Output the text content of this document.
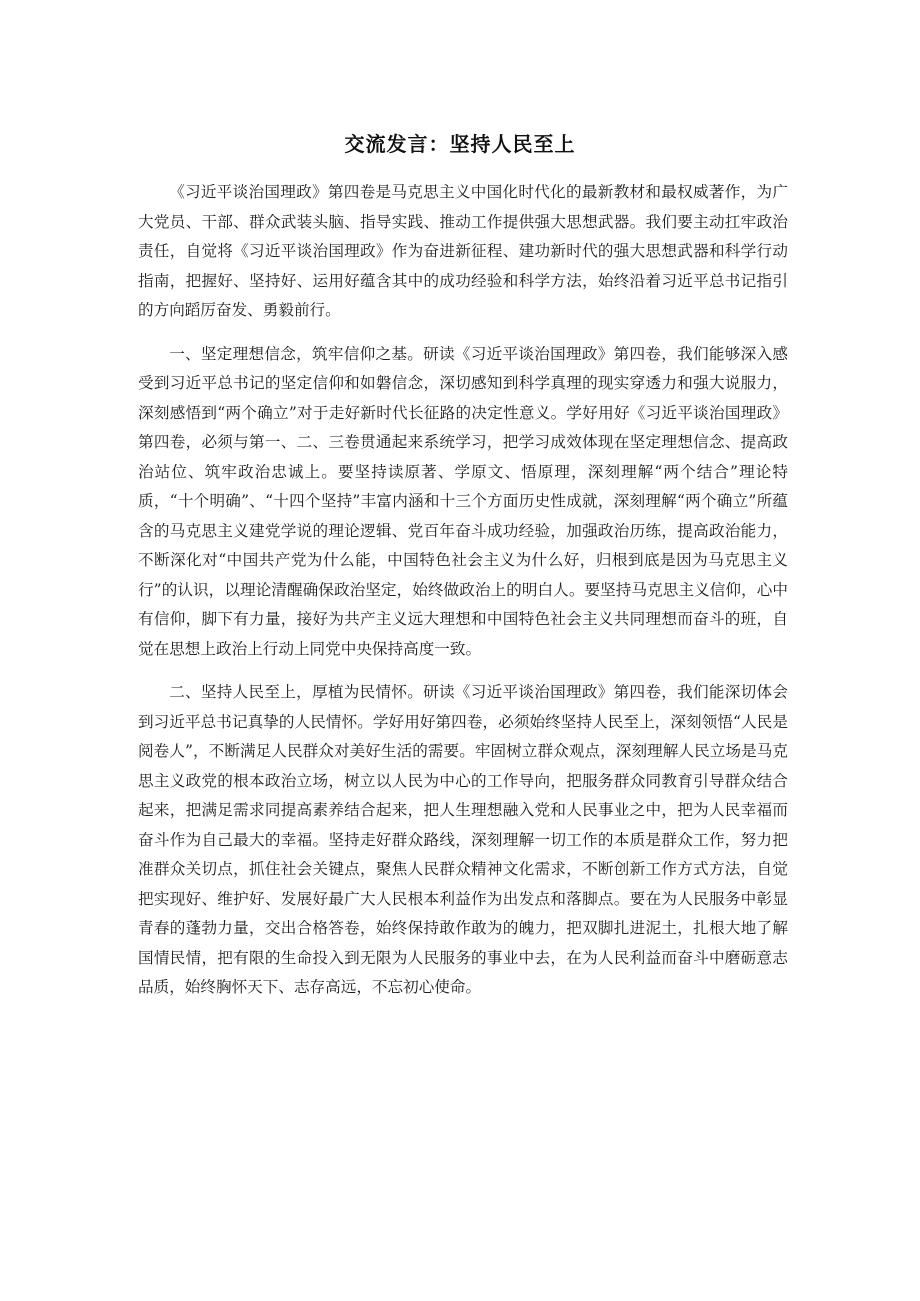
交流发言：坚持人民至上

《习近平谈治国理政》第四卷是马克思主义中国化时代化的最新教材和最权威著作，为广大党员、干部、群众武装头脑、指导实践、推动工作提供强大思想武器。我们要主动扛牢政治责任，自觉将《习近平谈治国理政》作为奋进新征程、建功新时代的强大思想武器和科学行动指南，把握好、坚持好、运用好蕴含其中的成功经验和科学方法，始终沿着习近平总书记指引的方向蹈厉奋发、勇毅前行。

一、坚定理想信念，筑牢信仰之基。研读《习近平谈治国理政》第四卷，我们能够深入感受到习近平总书记的坚定信仰和如磐信念，深切感知到科学真理的现实穿透力和强大说服力，深刻感悟到“两个确立”对于走好新时代长征路的决定性意义。学好用好《习近平谈治国理政》第四卷，必须与第一、二、三卷贯通起来系统学习，把学习成效体现在坚定理想信念、提高政治站位、筑牢政治忠诚上。要坚持读原著、学原文、悟原理，深刻理解“两个结合”理论特质，“十个明确”、“十四个坚持”丰富内涵和十三个方面历史性成就，深刻理解“两个确立”所蕴含的马克思主义建党学说的理论逻辑、党百年奋斗成功经验，加强政治历练，提高政治能力，不断深化对“中国共产党为什么能，中国特色社会主义为什么好，归根到底是因为马克思主义行”的认识，以理论清醒确保政治坚定，始终做政治上的明白人。要坚持马克思主义信仰，心中有信仰，脚下有力量，接好为共产主义远大理想和中国特色社会主义共同理想而奋斗的班，自觉在思想上政治上行动上同党中央保持高度一致。

二、坚持人民至上，厚植为民情怀。研读《习近平谈治国理政》第四卷，我们能深切体会到习近平总书记真挚的人民情怀。学好用好第四卷，必须始终坚持人民至上，深刻领悟“人民是阅卷人”，不断满足人民群众对美好生活的需要。牢固树立群众观点，深刻理解人民立场是马克思主义政党的根本政治立场，树立以人民为中心的工作导向，把服务群众同教育引导群众结合起来，把满足需求同提高素养结合起来，把人生理想融入党和人民事业之中，把为人民幸福而奋斗作为自己最大的幸福。坚持走好群众路线，深刻理解一切工作的本质是群众工作，努力把准群众关切点，抓住社会关键点，聚焦人民群众精神文化需求，不断创新工作方式方法，自觉把实现好、维护好、发展好最广大人民根本利益作为出发点和落脚点。要在为人民服务中彰显青春的蓬勃力量，交出合格答卷，始终保持敢作敢为的魄力，把双脚扎进泥土，扎根大地了解国情民情，把有限的生命投入到无限为人民服务的事业中去，在为人民利益而奋斗中磨砺意志品质，始终胸怀天下、志存高远，不忘初心使命。
